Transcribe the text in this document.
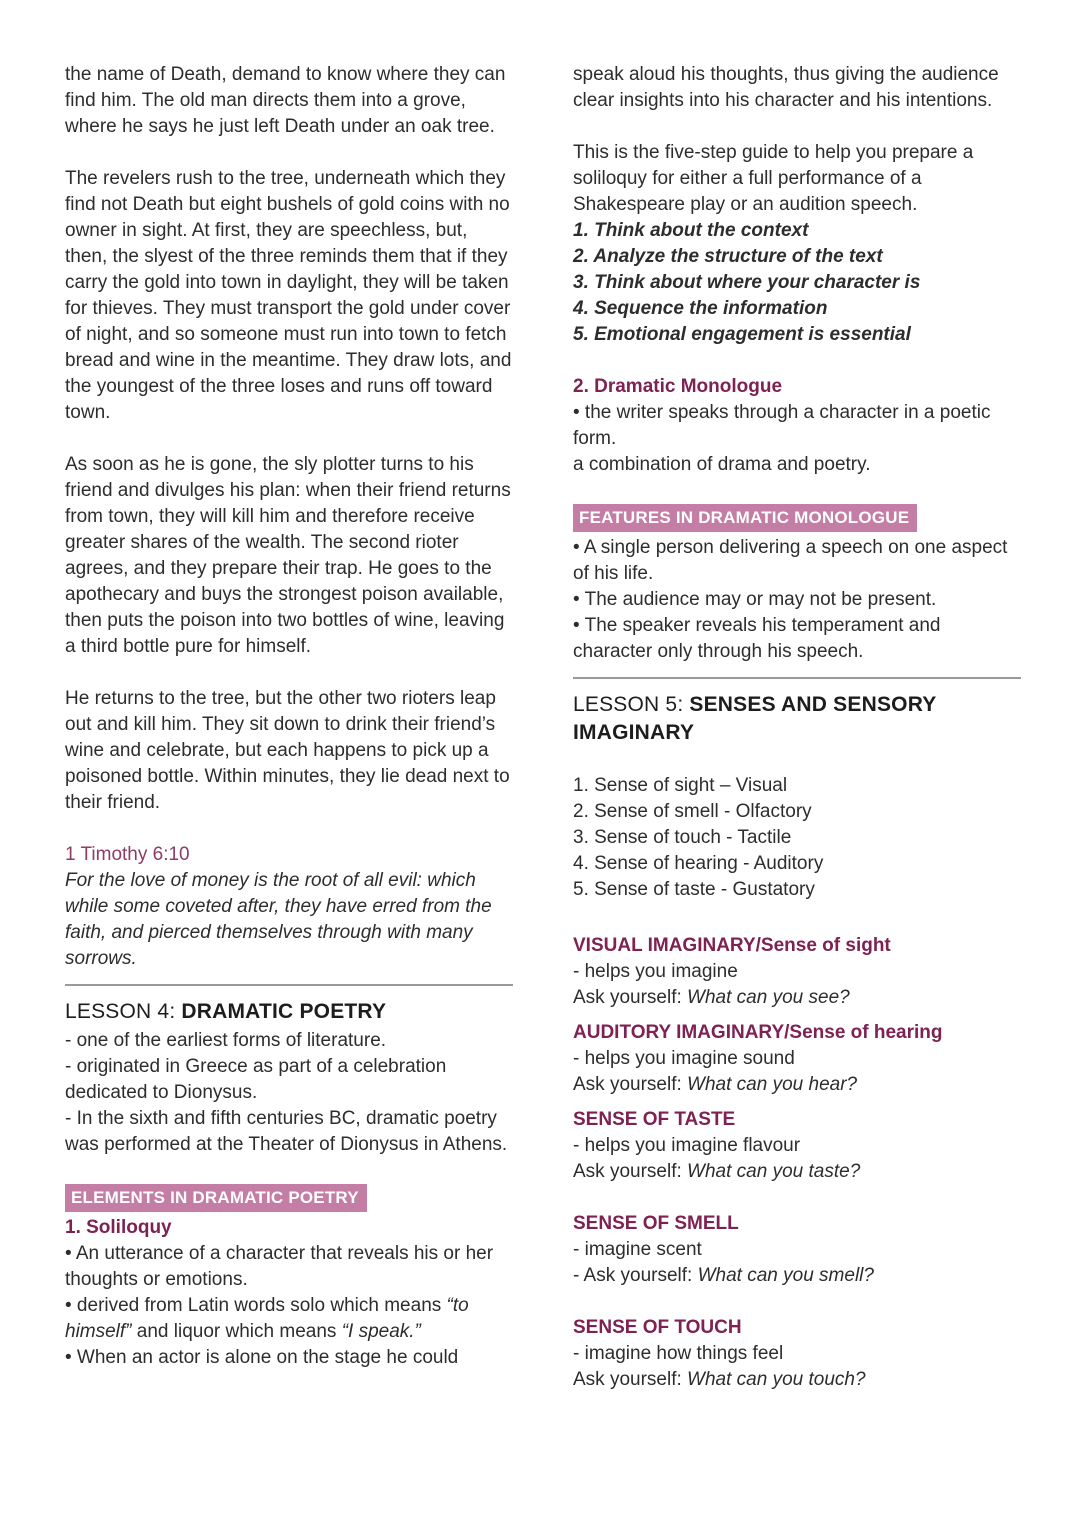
the name of Death, demand to know where they can find him. The old man directs them into a grove, where he says he just left Death under an oak tree.

The revelers rush to the tree, underneath which they find not Death but eight bushels of gold coins with no owner in sight. At first, they are speechless, but, then, the slyest of the three reminds them that if they carry the gold into town in daylight, they will be taken for thieves. They must transport the gold under cover of night, and so someone must run into town to fetch bread and wine in the meantime. They draw lots, and the youngest of the three loses and runs off toward town.

As soon as he is gone, the sly plotter turns to his friend and divulges his plan: when their friend returns from town, they will kill him and therefore receive greater shares of the wealth. The second rioter agrees, and they prepare their trap. He goes to the apothecary and buys the strongest poison available, then puts the poison into two bottles of wine, leaving a third bottle pure for himself.

He returns to the tree, but the other two rioters leap out and kill him. They sit down to drink their friend’s wine and celebrate, but each happens to pick up a poisoned bottle. Within minutes, they lie dead next to their friend.

1 Timothy 6:10

For the love of money is the root of all evil: which while some coveted after, they have erred from the faith, and pierced themselves through with many sorrows.

LESSON 4: DRAMATIC POETRY

- one of the earliest forms of literature.

- originated in Greece as part of a celebration dedicated to Dionysus.

- In the sixth and fifth centuries BC, dramatic poetry was performed at the Theater of Dionysus in Athens.

ELEMENTS IN DRAMATIC POETRY
1. Soliloquy

• An utterance of a character that reveals his or her thoughts or emotions.

• derived from Latin words solo which means “to himself” and liquor which means “I speak.”

• When an actor is alone on the stage he could

speak aloud his thoughts, thus giving the audience clear insights into his character and his intentions.

This is the five-step guide to help you prepare a soliloquy for either a full performance of a Shakespeare play or an audition speech.

1. Think about the context

2. Analyze the structure of the text

3. Think about where your character is

4. Sequence the information

5. Emotional engagement is essential

2. Dramatic Monologue

• the writer speaks through a character in a poetic form.

a combination of drama and poetry.

FEATURES IN DRAMATIC MONOLOGUE

• A single person delivering a speech on one aspect of his life.

• The audience may or may not be present.

• The speaker reveals his temperament and character only through his speech.

LESSON 5: SENSES AND SENSORY IMAGINARY

1. Sense of sight – Visual

2. Sense of smell - Olfactory

3. Sense of touch - Tactile

4. Sense of hearing - Auditory

5. Sense of taste - Gustatory

VISUAL IMAGINARY/Sense of sight

- helps you imagine

Ask yourself: What can you see?

AUDITORY IMAGINARY/Sense of hearing

- helps you imagine sound

Ask yourself: What can you hear?

SENSE OF TASTE

- helps you imagine flavour

Ask yourself: What can you taste?

SENSE OF SMELL

- imagine scent

- Ask yourself: What can you smell?

SENSE OF TOUCH

- imagine how things feel

Ask yourself: What can you touch?
